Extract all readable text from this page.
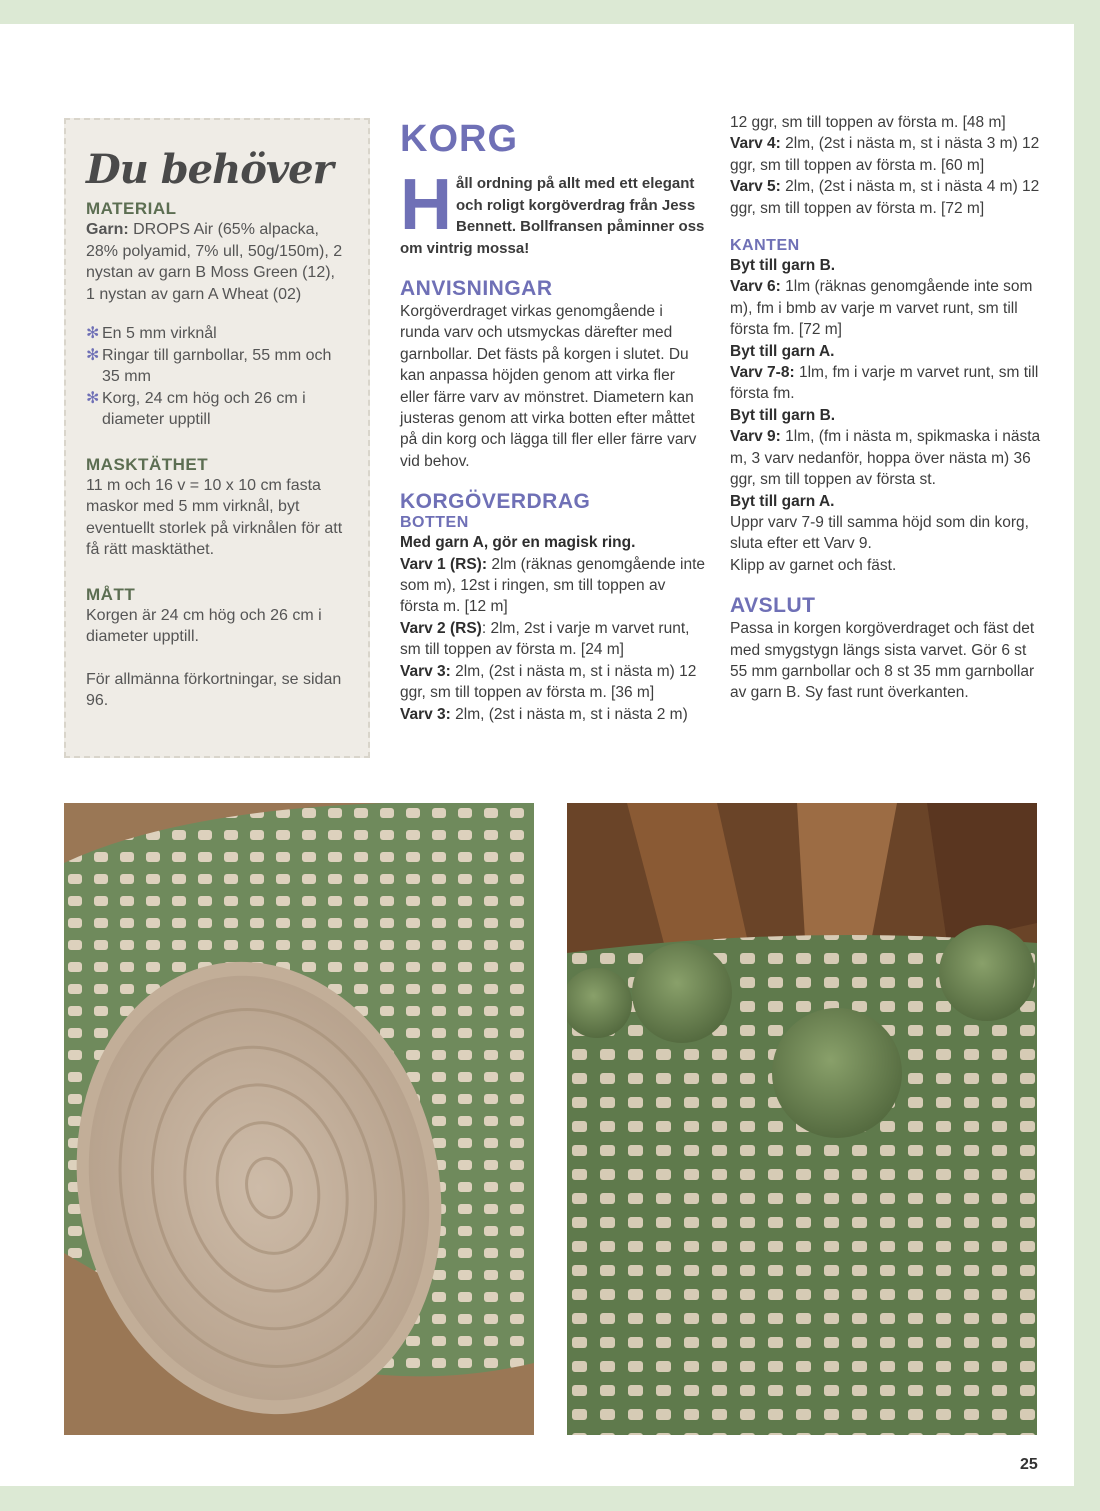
Du behöver

MATERIAL

Garn: DROPS Air (65% alpacka, 28% polyamid, 7% ull, 50g/150m), 2 nystan av garn B Moss Green (12), 1 nystan av garn A Wheat (02)

✻ En 5 mm virknål
✻ Ringar till garnbollar, 55 mm och 35 mm
✻ Korg, 24 cm hög och 26 cm i diameter upptill

MASKTÄTHET

11 m och 16 v = 10 x 10 cm fasta maskor med 5 mm virknål, byt eventuellt storlek på virknålen för att få rätt masktäthet.

MÅTT

Korgen är 24 cm hög och 26 cm i diameter upptill.

För allmänna förkortningar, se sidan 96.

KORG
Håll ordning på allt med ett elegant och roligt korgöverdrag från Jess Bennett. Bollfransen påminner oss om vintrig mossa!
ANVISNINGAR

Korgöverdraget virkas genomgående i runda varv och utsmyckas därefter med garnbollar. Det fästs på korgen i slutet. Du kan anpassa höjden genom att virka fler eller färre varv av mönstret. Diametern kan justeras genom att virka botten efter måttet på din korg och lägga till fler eller färre varv vid behov.

KORGÖVERDRAG
BOTTEN

Med garn A, gör en magisk ring.

Varv 1 (RS): 2lm (räknas genomgående inte som m), 12st i ringen, sm till toppen av första m. [12 m]

Varv 2 (RS): 2lm, 2st i varje m varvet runt, sm till toppen av första m. [24 m]

Varv 3: 2lm, (2st i nästa m, st i nästa m) 12 ggr, sm till toppen av första m. [36 m]

Varv 3: 2lm, (2st i nästa m, st i nästa 2 m)

12 ggr, sm till toppen av första m. [48 m]

Varv 4: 2lm, (2st i nästa m, st i nästa 3 m) 12 ggr, sm till toppen av första m. [60 m]

Varv 5: 2lm, (2st i nästa m, st i nästa 4 m) 12 ggr, sm till toppen av första m. [72 m]

KANTEN

Byt till garn B.

Varv 6: 1lm (räknas genomgående inte som m), fm i bmb av varje m varvet runt, sm till första fm. [72 m]

Byt till garn A.

Varv 7-8: 1lm, fm i varje m varvet runt, sm till första fm.

Byt till garn B.

Varv 9: 1lm, (fm i nästa m, spikmaska i nästa m, 3 varv nedanför, hoppa över nästa m) 36 ggr, sm till toppen av första st.

Byt till garn A.

Uppr varv 7-9 till samma höjd som din korg, sluta efter ett Varv 9.

Klipp av garnet och fäst.

AVSLUT

Passa in korgen korgöverdraget och fäst det med smygstygn längs sista varvet. Gör 6 st 55 mm garnbollar och 8 st 35 mm garnbollar av garn B. Sy fast runt överkanten.

25
